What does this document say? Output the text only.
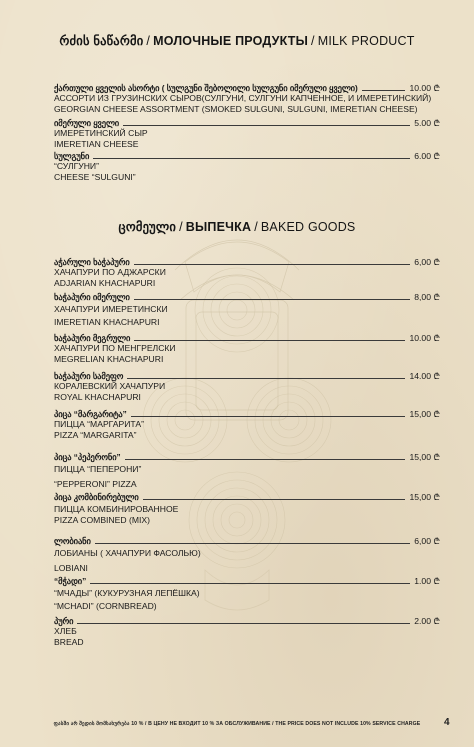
რძის ნაწარმი / МОЛОЧНЫЕ ПРОДУКТЫ / MILK PRODUCT
ქართული ყველის ასორტი ( სულგუნი შებოლილი სულგუნი იმერული ყველი)	10.00 ₾
АССОРТИ ИЗ ГРУЗИНСКИХ СЫРОВ(СУЛГУНИ, СУЛГУНИ КАПЧЕННОЕ, И ИМЕРЕТИНСКИЙ)
GEORGIAN CHEESE ASSORTMENT (SMOKED SULGUNI, SULGUNI, IMERETIAN CHEESE)
იმერული ყველი	5.00 ₾
ИМЕРЕТИНСКИЙ СЫР
IMERETIAN CHEESE
სულგუნი	6.00 ₾
“СУЛГУНИ”
CHEESE “SULGUNI”
ცომეული / ВЫПЕЧКА / BAKED GOODS
აჭარული ხაჭაპური	6,00 ₾
ХАЧАПУРИ ПО АДЖАРСКИ
ADJARIAN KHACHAPURI
ხაჭაპური იმერული	8,00 ₾
ХАЧАПУРИ ИМЕРЕТИНСКИ
IMERETIAN KHACHAPURI
ხაჭაპური მეგრული	10.00 ₾
ХАЧАПУРИ ПО МЕНГРЕЛСКИ
MEGRELIAN KHACHAPURI
ხაჭაპური სამეფო	14.00 ₾
КОРАЛЕВСКИЙ ХАЧАПУРИ
ROYAL KHACHAPURI
პიცა “მარგარიტა”	15,00 ₾
ПИЦЦА “МАРГАРИТА”
PIZZA “MARGARITA”
პიცა “პეპერონი”	15,00 ₾
ПИЦЦА “ПЕПЕРОНИ”
“PEPPERONI” PIZZA
პიცა კომბინირებული	15,00 ₾
ПИЦЦА КОМБИНИРОВАННОЕ
PIZZA COMBINED (MIX)
ლობიანი	6,00 ₾
ЛОБИАНЫ ( ХАЧАПУРИ ФАСОЛЬЮ)
LOBIANI
“მჭადი”	1.00 ₾
“МЧАДЫ” (КУКУРУЗНАЯ ЛЕПЁШКА)
“MCHADI” (CORNBREAD)
პური	2.00 ₾
ХЛЕБ
BREAD
ფასში არ შედის მომსახურება 10 % / В ЦЕНУ НЕ ВХОДИТ 10 % ЗА ОБСЛУЖИВАНИЕ / THE PRICE DOES NOT INCLUDE 10% SERVICE CHARGE	4
